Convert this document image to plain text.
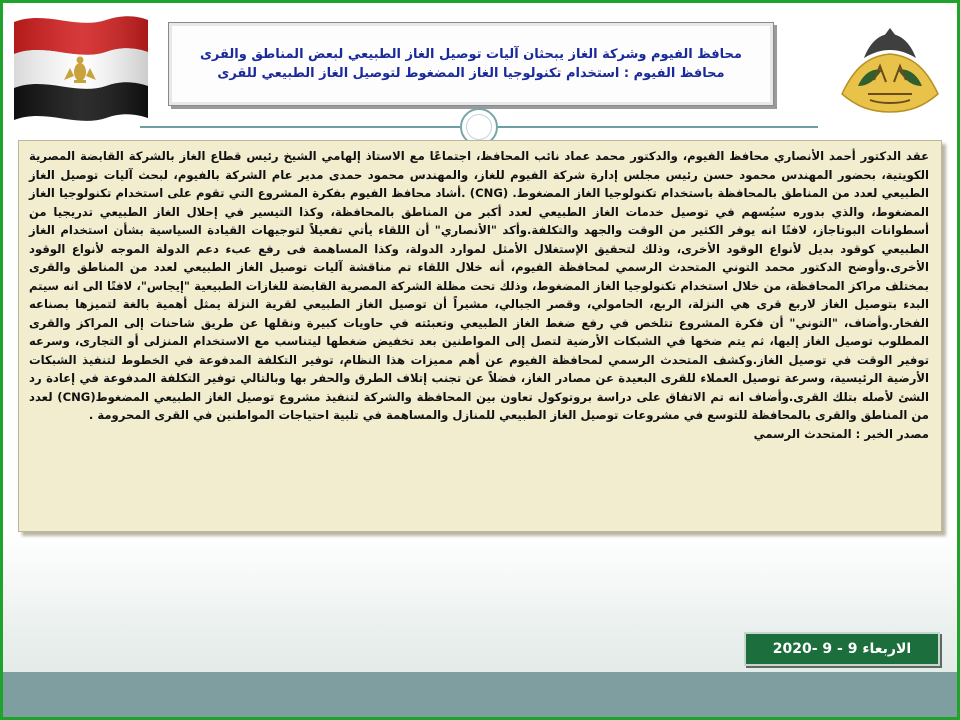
محافظ الفيوم وشركة الغاز يبحثان آليات توصيل الغاز الطبيعي لبعض المناطق والقرى
محافظ الفيوم : استخدام تكنولوجيا الغاز المضغوط لتوصيل الغاز الطبيعي للقرى
عقد الدكتور أحمد الأنصاري محافظ الفيوم، والدكتور محمد عماد نائب المحافظ، اجتماعًا مع الاستاذ إلهامي الشيخ رئيس قطاع الغاز بالشركة القابضة المصرية الكويتية، بحضور المهندس محمود حسن رئيس مجلس إدارة شركة الفيوم للغاز، والمهندس محمود حمدى مدير عام الشركة بالفيوم، لبحث آليات توصيل الغاز الطبيعي لعدد من المناطق بالمحافظة باستخدام تكنولوجيا الغاز المضغوط. (CNG) .أشاد محافظ الفيوم بفكرة المشروع التي تقوم على استخدام تكنولوجيا الغاز المضغوط، والذي بدوره سيُسهم في توصيل خدمات الغاز الطبيعي لعدد أكبر من المناطق بالمحافظة، وكذا التيسير في إحلال الغاز الطبيعي تدريجيا من أسطوانات البوتاجاز، لافتًا انه يوفر الكثير من الوقت والجهد والتكلفة.وأكد "الأنصاري" أن اللقاء يأتي تفعيلاً لتوجيهات القيادة السياسية بشأن استخدام الغاز الطبيعي كوقود بديل لأنواع الوقود الأخرى، وذلك لتحقيق الإستغلال الأمثل لموارد الدولة، وكذا المساهمة فى رفع عبء دعم الدولة الموجه لأنواع الوقود الأخرى.وأوضح الدكتور محمد التوني المتحدث الرسمي لمحافظة الفيوم، أنه خلال اللقاء تم مناقشة آليات توصيل الغاز الطبيعي لعدد من المناطق والقرى بمختلف مراكز المحافظة، من خلال استخدام تكنولوجيا الغاز المضغوط، وذلك تحت مظلة الشركة المصرية القابضة للغازات الطبيعية "إيجاس"، لافتًا الى انه سيتم البدء بتوصيل الغاز لاربع قرى هي النزلة، الربع، الحامولي، وقصر الجبالي، مشيراً أن توصيل الغاز الطبيعي لقرية النزلة يمثل أهمية بالغة لتميزها بصناعه الفخار.وأضاف، "التوني" أن فكرة المشروع تتلخص في رفع ضغط الغاز الطبيعي وتعبئته في حاويات كبيرة ونقلها عن طريق شاحنات إلى المراكز والقرى المطلوب توصيل الغاز إليها، ثم يتم ضخها في الشبكات الأرضية لتصل إلى المواطنين بعد تخفيض ضغطها ليتناسب مع الاستخدام المنزلى أو التجارى، وسرعه توفير الوقت في توصيل الغاز.وكشف المتحدث الرسمي لمحافظة الفيوم عن أهم مميزات هذا النظام، توفير التكلفة المدفوعة في الخطوط لتنفيذ الشبكات الأرضية الرئيسية، وسرعة توصيل العملاء للقرى البعيدة عن مصادر الغاز، فضلاً عن تجنب إتلاف الطرق والحفر بها وبالتالي توفير التكلفة المدفوعة في إعادة رد الشئ لأصله بتلك القرى.وأضاف انه تم الاتفاق على دراسة بروتوكول تعاون بين المحافظة والشركة لتنفيذ مشروع توصيل الغاز الطبيعي المضغوط(CNG) لعدد من المناطق والقرى بالمحافظة للتوسع في مشروعات توصيل الغاز الطبيعي للمنازل والمساهمة في تلبية احتياجات المواطنين في القرى المحرومة .
مصدر الخبر : المتحدث الرسمي
الاربعاء 9 - 9 -2020
